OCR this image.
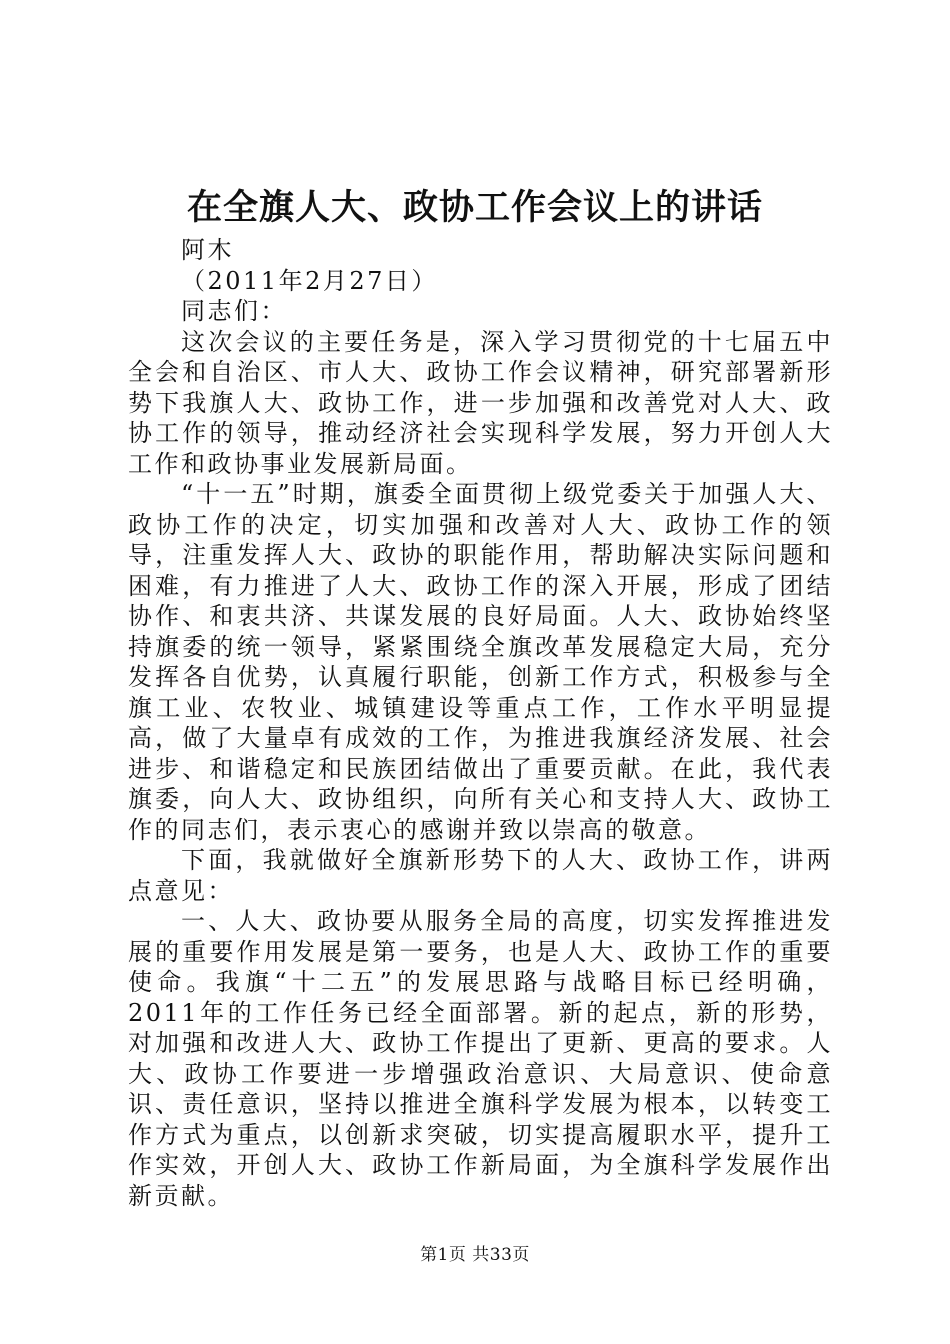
在全旗人大、政协工作会议上的讲话

阿木

（2011年2月27日）

同志们：

这次会议的主要任务是，深入学习贯彻党的十七届五中全会和自治区、市人大、政协工作会议精神，研究部署新形势下我旗人大、政协工作，进一步加强和改善党对人大、政协工作的领导，推动经济社会实现科学发展，努力开创人大工作和政协事业发展新局面。

“十一五”时期，旗委全面贯彻上级党委关于加强人大、政协工作的决定，切实加强和改善对人大、政协工作的领导，注重发挥人大、政协的职能作用，帮助解决实际问题和困难，有力推进了人大、政协工作的深入开展，形成了团结协作、和衷共济、共谋发展的良好局面。人大、政协始终坚持旗委的统一领导，紧紧围绕全旗改革发展稳定大局，充分发挥各自优势，认真履行职能，创新工作方式，积极参与全旗工业、农牧业、城镇建设等重点工作，工作水平明显提高，做了大量卓有成效的工作，为推进我旗经济发展、社会进步、和谐稳定和民族团结做出了重要贡献。在此，我代表旗委，向人大、政协组织，向所有关心和支持人大、政协工作的同志们，表示衷心的感谢并致以崇高的敬意。

下面，我就做好全旗新形势下的人大、政协工作，讲两点意见：

一、人大、政协要从服务全局的高度，切实发挥推进发展的重要作用发展是第一要务，也是人大、政协工作的重要使命。我旗“十二五”的发展思路与战略目标已经明确，2011年的工作任务已经全面部署。新的起点，新的形势，对加强和改进人大、政协工作提出了更新、更高的要求。人大、政协工作要进一步增强政治意识、大局意识、使命意识、责任意识，坚持以推进全旗科学发展为根本，以转变工作方式为重点，以创新求突破，切实提高履职水平，提升工作实效，开创人大、政协工作新局面，为全旗科学发展作出新贡献。

第1页 共33页
